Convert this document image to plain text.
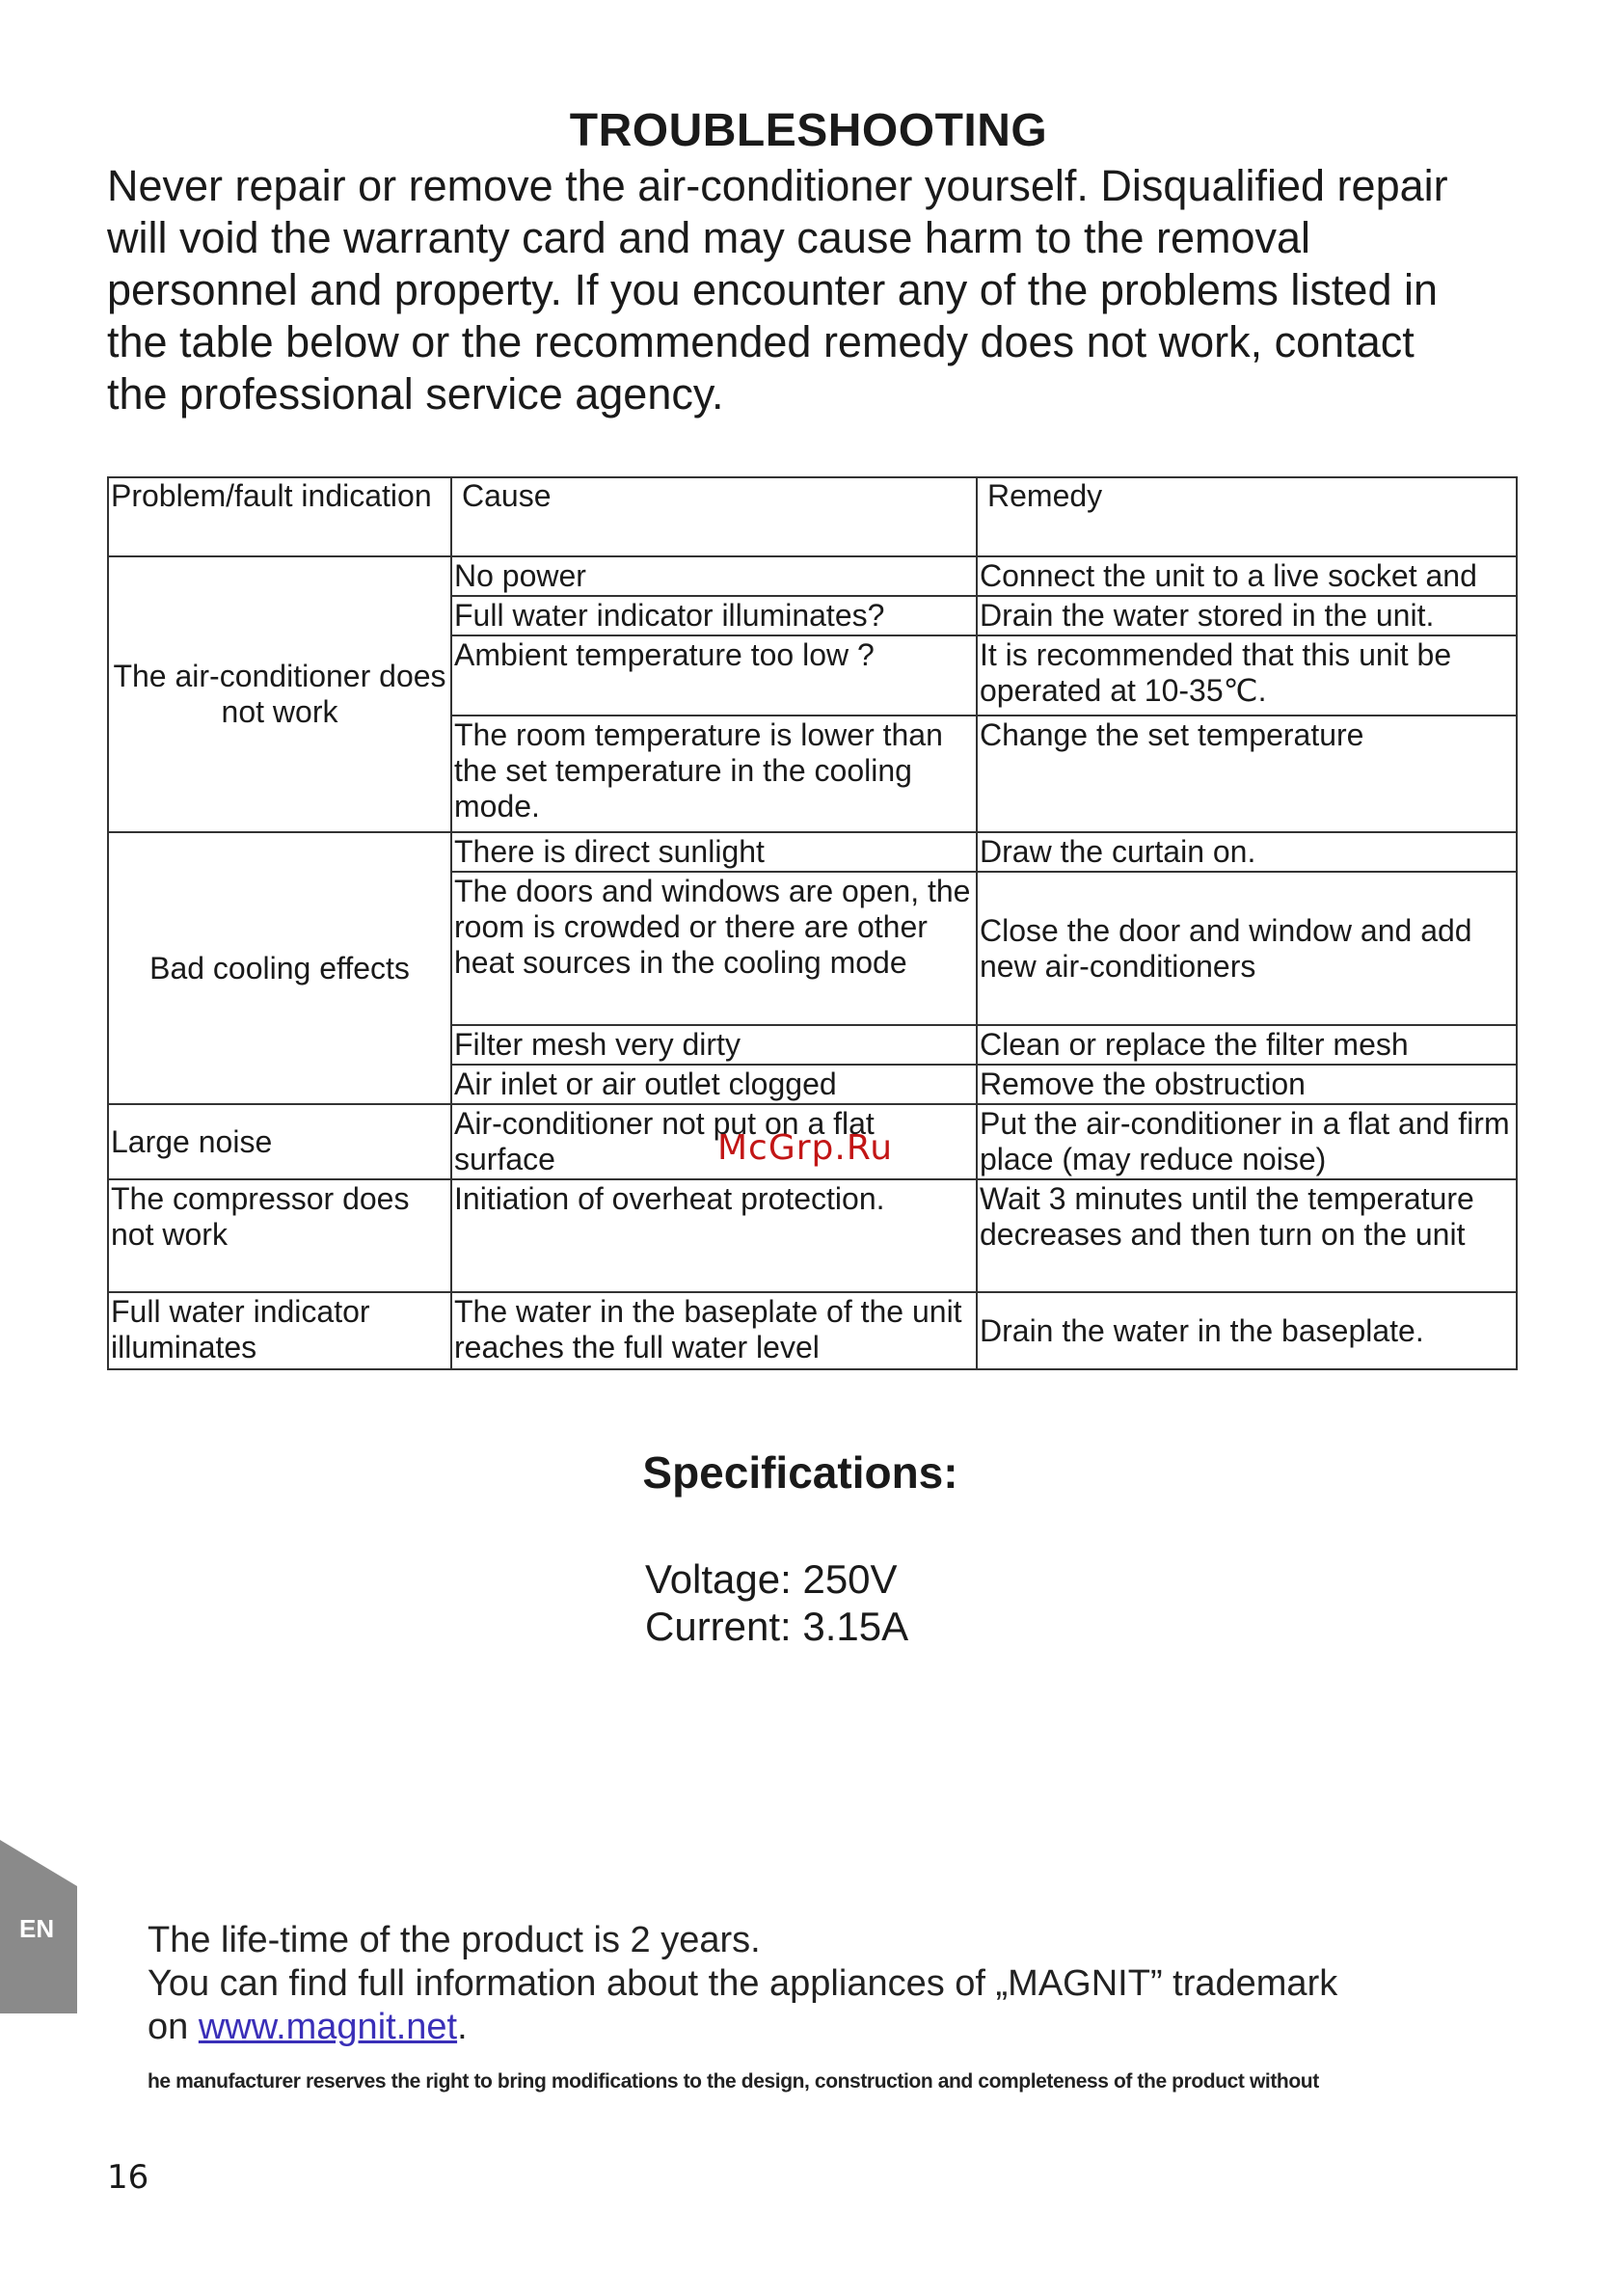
TROUBLESHOOTING
Never repair or remove the air-conditioner yourself. Disqualified repair will void the warranty card and may cause harm to the removal personnel and property. If you encounter any of the problems listed in the table below or the recommended remedy does not work, contact the professional service agency.
Problem/fault indication	Cause	Remedy
The air-conditioner does not work	No power	Connect the unit to a live socket and
	Full water indicator illuminates?	Drain the water stored in the unit.
	Ambient temperature too low ?	It is recommended that this unit be operated at 10-35℃.
	The room temperature is lower than the set temperature in the cooling mode.	Change the set temperature
Bad cooling effects	There is direct sunlight	Draw the curtain on.
	The doors and windows are open, the room is crowded or there are other heat sources in the cooling mode	Close the door and window and add new air-conditioners
	Filter mesh very dirty	Clean or replace the filter mesh
	Air inlet or air outlet clogged	Remove the obstruction
Large noise	Air-conditioner not put on a flat surface	Put the air-conditioner in a flat and firm place (may reduce noise)
The compressor does not work	Initiation of overheat protection.	Wait 3 minutes until the temperature decreases and then turn on the unit
Full water indicator illuminates	The water in the baseplate of the unit reaches the full water level	Drain the water in the baseplate.
McGrp.Ru
Specifications:
Voltage: 250V
Current: 3.15A
EN	The life-time of the product is 2 years.
You can find full information about the appliances of „MAGNIT” trademark
on www.magnit.net.
he manufacturer reserves the right to bring modifications to the design, construction and completeness of the product without
16
